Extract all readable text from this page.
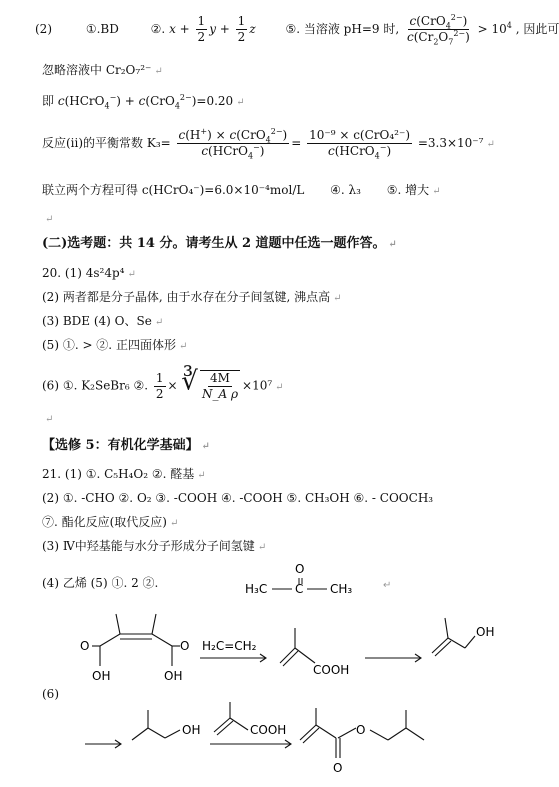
(2)	①.BD	②. $x + \frac{1}{2}$ $y + \frac{1}{2}$ z ⑤. 当溶液 pH=9 时, $\frac{c(CrO_4^{2-})}{c(Cr_2O_7^{2-})} > 10^4$ , 因此可
忽略溶液中 Cr₂O₇²⁻ ↵
即 c(HCrO$_4$−) + c(CrO$_4^{2-}$)=0.20 ↵
反应(ii)的平衡常数 $K_3= \frac{c(H^+) \times c(CrO_4^{2-})}{c(HCrO_4^-)} = \frac{\text{10⁻⁹ × c(CrO₄²⁻)}}{c(HCrO_4^-)} =3.3\times 10^{-7}$ ↵
联立两个方程可得 c(HCrO₄⁻)=6.0×10⁻⁴mol/L ④. λ₃ ⑤. 增大 ↵
↵
(二)选考题：共 14 分。请考生从 2 道题中任选一题作答。 ↵
20. (1) 4s²4p⁴ ↵
(2) 两者都是分子晶体, 由于水存在分子间氢键, 沸点高 ↵
(3) BDE (4) O、Se ↵
(5) ①. > ②. 正四面体形 ↵
(6) ①. K₂SeBr₆ ②. $\frac{1}{2}$ × ∛ $\frac{4M}{\text{N\_A ρ}} \times 10^7$ ↵
↵
【选修 5：有机化学基础】 ↵
21. (1) ①. C₅H₄O₂ ②. 醛基 ↵
(2) ①. -CHO ②. O₂ ③. -COOH ④. -COOH ⑤. CH₃OH ⑥. - COOCH₃
⑦. 酯化反应(取代反应) ↵
(3) Ⅳ中羟基能与水分子形成分子间氢键 ↵
(4) 乙烯 (5) ①. 2 ②.	H₃C C
O
CH₃	↵
O
OH
O
OH
H₂C=CH₂
COOH
OH
(6)
OH	COOH	O
O
